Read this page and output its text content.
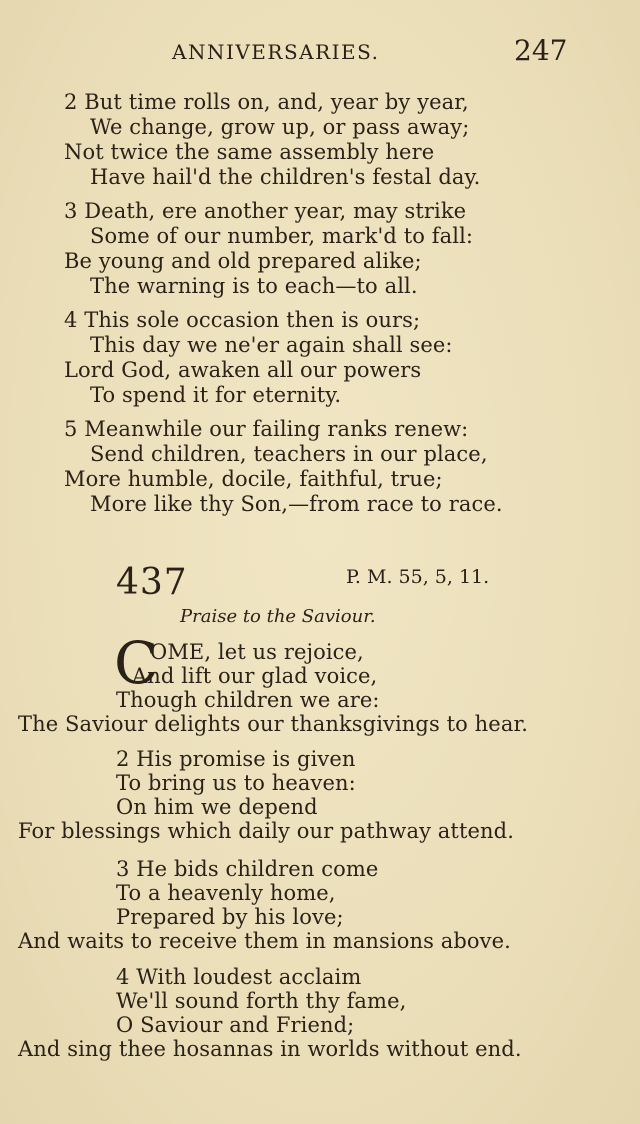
ANNIVERSARIES.	247
2 But time rolls on, and, year by year,
We change, grow up, or pass away;
Not twice the same assembly here
Have hail'd the children's festal day.
3 Death, ere another year, may strike
Some of our number, mark'd to fall:
Be young and old prepared alike;
The warning is to each—to all.
4 This sole occasion then is ours;
This day we ne'er again shall see:
Lord God, awaken all our powers
To spend it for eternity.
5 Meanwhile our failing ranks renew:
Send children, teachers in our place,
More humble, docile, faithful, true;
More like thy Son,—from race to race.
437	P. M. 55, 5, 11.
Praise to the Saviour.
C
OME, let us rejoice,
And lift our glad voice,
Though children we are:
The Saviour delights our thanksgivings to hear.
2 His promise is given
To bring us to heaven:
On him we depend
For blessings which daily our pathway attend.
3 He bids children come
To a heavenly home,
Prepared by his love;
And waits to receive them in mansions above.
4 With loudest acclaim
We'll sound forth thy fame,
O Saviour and Friend;
And sing thee hosannas in worlds without end.
